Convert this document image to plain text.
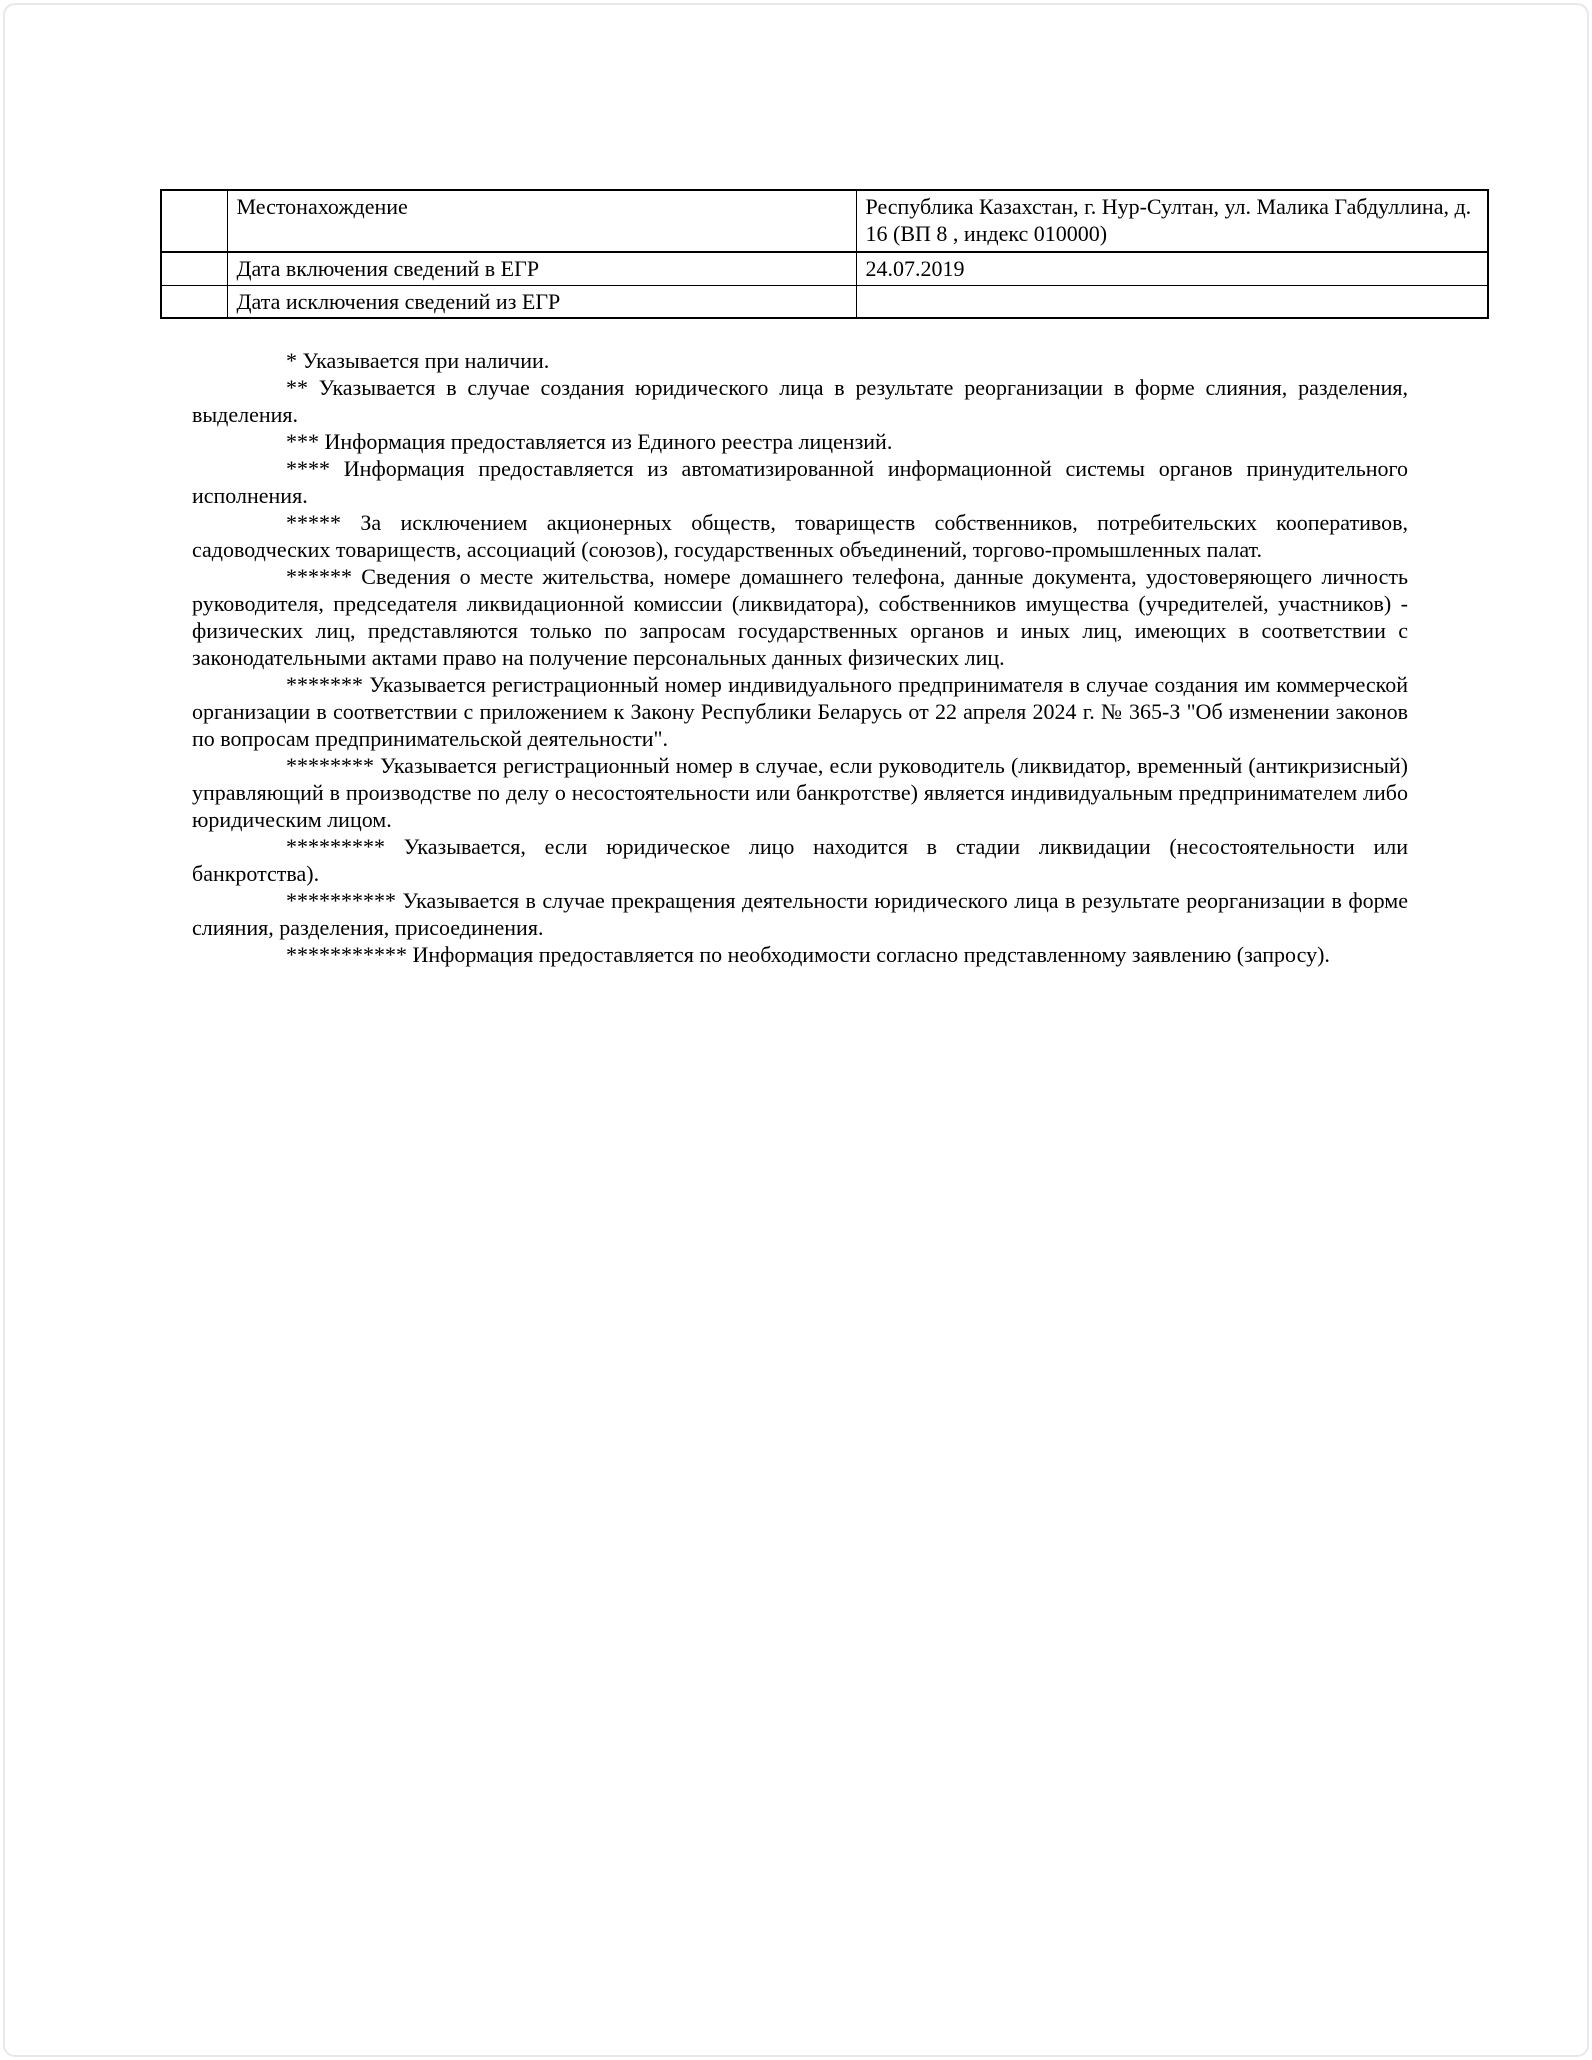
	Местонахождение	Республика Казахстан, г. Нур-Султан, ул. Малика Габдуллина, д. 16 (ВП 8 , индекс 010000)
	Дата включения сведений в ЕГР	24.07.2019
	Дата исключения сведений из ЕГР	

* Указывается при наличии.

** Указывается в случае создания юридического лица в результате реорганизации в форме слияния, разделения, выделения.

*** Информация предоставляется из Единого реестра лицензий.

**** Информация предоставляется из автоматизированной информационной системы органов принудительного исполнения.

***** За исключением акционерных обществ, товариществ собственников, потребительских кооперативов, садоводческих товариществ, ассоциаций (союзов), государственных объединений, торгово-промышленных палат.

****** Сведения о месте жительства, номере домашнего телефона, данные документа, удостоверяющего личность руководителя, председателя ликвидационной комиссии (ликвидатора), собственников имущества (учредителей, участников) - физических лиц, представляются только по запросам государственных органов и иных лиц, имеющих в соответствии с законодательными актами право на получение персональных данных физических лиц.

******* Указывается регистрационный номер индивидуального предпринимателя в случае создания им коммерческой организации в соответствии с приложением к Закону Республики Беларусь от 22 апреля 2024 г. № 365-З "Об изменении законов по вопросам предпринимательской деятельности".

******** Указывается регистрационный номер в случае, если руководитель (ликвидатор, временный (антикризисный) управляющий в производстве по делу о несостоятельности или банкротстве) является индивидуальным предпринимателем либо юридическим лицом.

********* Указывается, если юридическое лицо находится в стадии ликвидации (несостоятельности или банкротства).

********** Указывается в случае прекращения деятельности юридического лица в результате реорганизации в форме слияния, разделения, присоединения.

*********** Информация предоставляется по необходимости согласно представленному заявлению (запросу).
